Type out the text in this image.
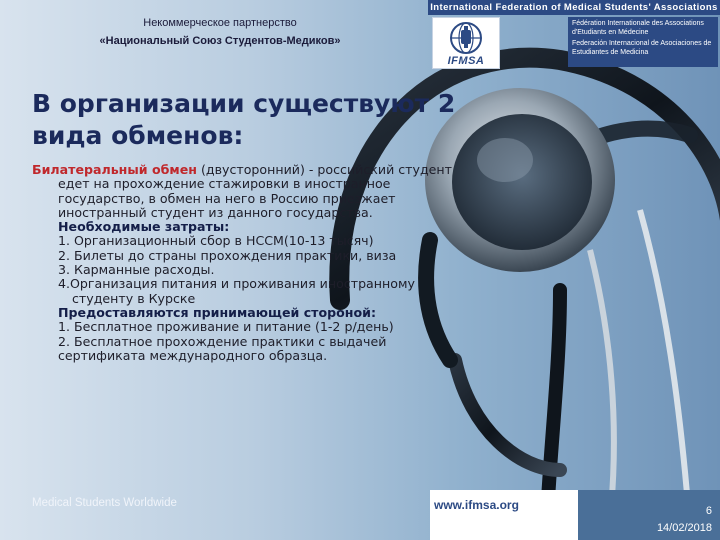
Некоммерческое партнерство
«Национальный Союз Студентов-Медиков»
International Federation of Medical Students' Associations
IFMSA
Fédération Internationale des Associations d'Etudiants en Médecine
Federación Internacional de Asociaciones de Estudiantes de Medicina
В организации существуют 2 вида обменов:

Билатеральный обмен (двусторонний) - российский студент едет на прохождение стажировки в иностранное государство, в обмен на него в Россию приезжает иностранный студент из данного государства.

Необходимые затраты:

1. Организационный сбор в НССМ(10-13 тысяч)

2. Билеты до страны прохождения практики, виза

3. Карманные расходы.

4.Организация питания и проживания иностранному студенту в Курске

Предоставляются принимающей стороной:

1. Бесплатное проживание и питание (1-2 р/день)

2. Бесплатное прохождение практики с выдачей сертификата международного образца.

Medical Students Worldwide	www.ifmsa.org	6
14/02/2018
